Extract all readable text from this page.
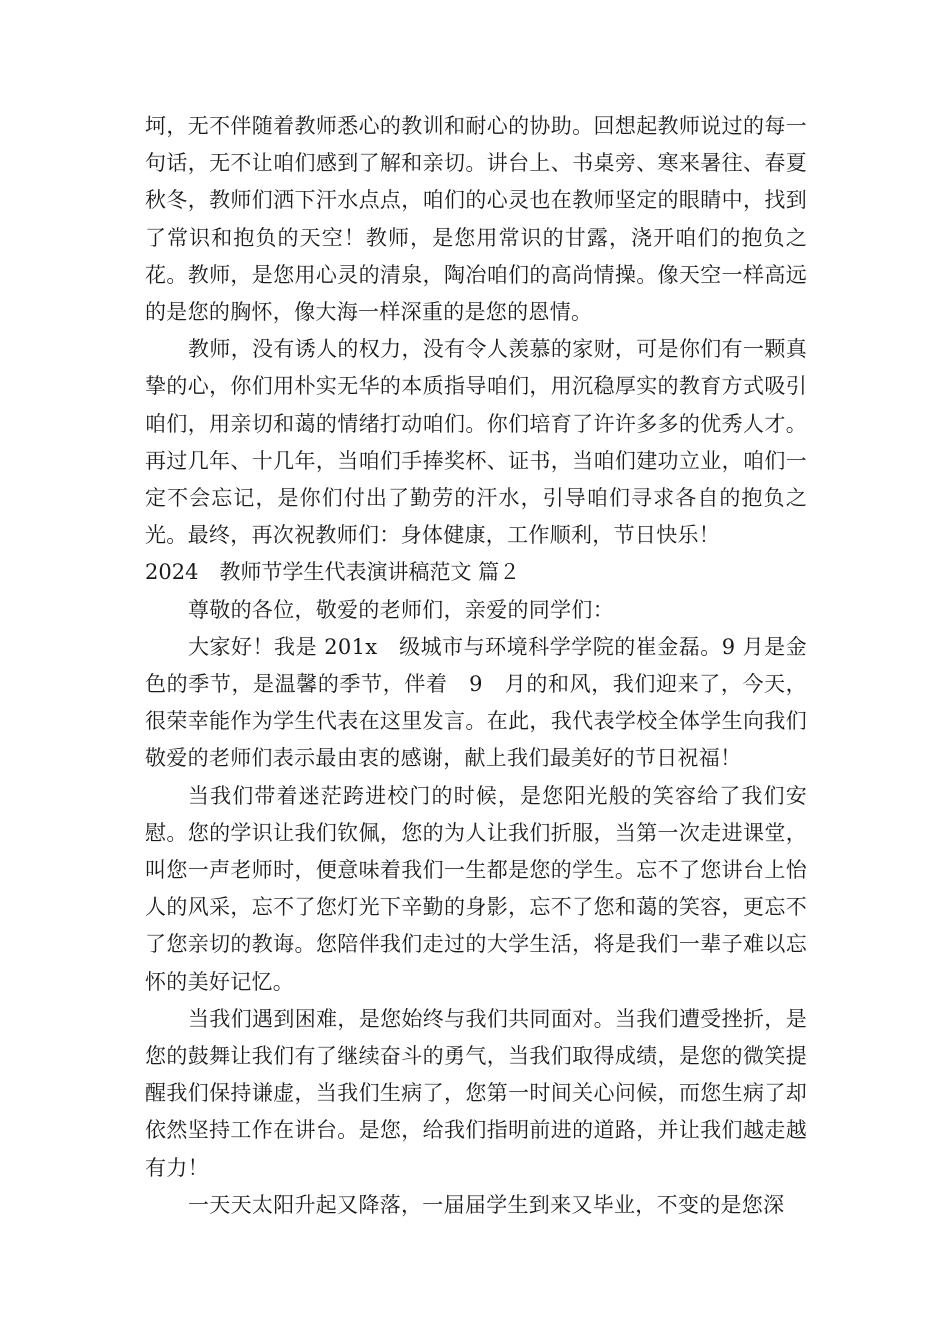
坷，无不伴随着教师悉心的教训和耐心的协助。回想起教师说过的每一句话，无不让咱们感到了解和亲切。讲台上、书桌旁、寒来暑往、春夏秋冬，教师们洒下汗水点点，咱们的心灵也在教师坚定的眼睛中，找到了常识和抱负的天空！教师，是您用常识的甘露，浇开咱们的抱负之花。教师，是您用心灵的清泉，陶冶咱们的高尚情操。像天空一样高远的是您的胸怀，像大海一样深重的是您的恩情。

教师，没有诱人的权力，没有令人羡慕的家财，可是你们有一颗真挚的心，你们用朴实无华的本质指导咱们，用沉稳厚实的教育方式吸引咱们，用亲切和蔼的情绪打动咱们。你们培育了许许多多的优秀人才。再过几年、十几年，当咱们手捧奖杯、证书，当咱们建功立业，咱们一定不会忘记，是你们付出了勤劳的汗水，引导咱们寻求各自的抱负之光。最终，再次祝教师们：身体健康，工作顺利，节日快乐！

2024　教师节学生代表演讲稿范文 篇２

尊敬的各位，敬爱的老师们，亲爱的同学们：

大家好！我是 201x　级城市与环境科学学院的崔金磊。9 月是金色的季节，是温馨的季节，伴着　9　月的和风，我们迎来了，今天，很荣幸能作为学生代表在这里发言。在此，我代表学校全体学生向我们敬爱的老师们表示最由衷的感谢，献上我们最美好的节日祝福！

当我们带着迷茫跨进校门的时候，是您阳光般的笑容给了我们安慰。您的学识让我们钦佩，您的为人让我们折服，当第一次走进课堂，叫您一声老师时，便意味着我们一生都是您的学生。忘不了您讲台上怡人的风采，忘不了您灯光下辛勤的身影，忘不了您和蔼的笑容，更忘不了您亲切的教诲。您陪伴我们走过的大学生活，将是我们一辈子难以忘怀的美好记忆。

当我们遇到困难，是您始终与我们共同面对。当我们遭受挫折，是您的鼓舞让我们有了继续奋斗的勇气，当我们取得成绩，是您的微笑提醒我们保持谦虚，当我们生病了，您第一时间关心问候，而您生病了却依然坚持工作在讲台。是您，给我们指明前进的道路，并让我们越走越有力！

一天天太阳升起又降落，一届届学生到来又毕业，不变的是您深
